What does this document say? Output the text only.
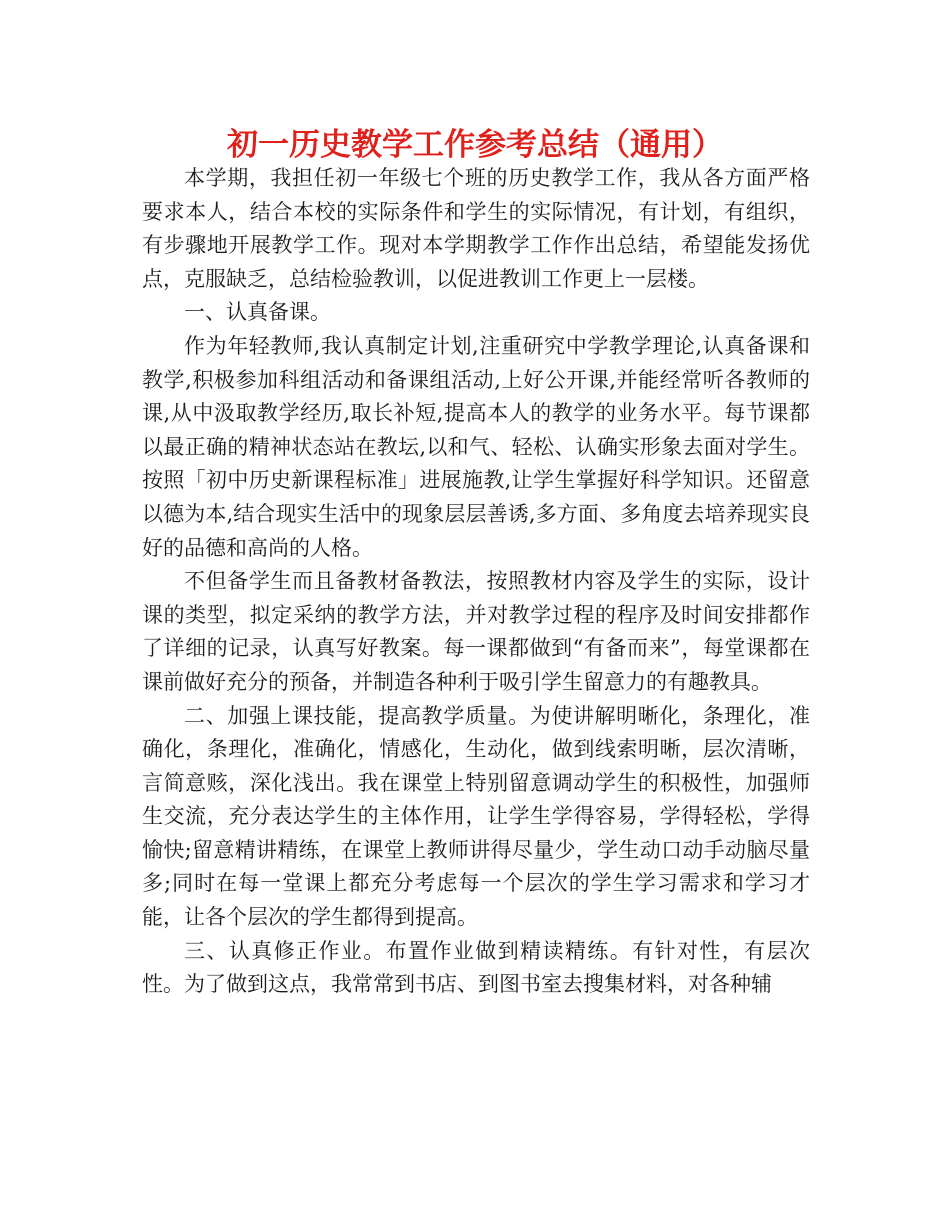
初一历史教学工作参考总结（通用）

本学期，我担任初一年级七个班的历史教学工作，我从各方面严格要求本人，结合本校的实际条件和学生的实际情况，有计划，有组织，有步骤地开展教学工作。现对本学期教学工作作出总结，希望能发扬优点，克服缺乏，总结检验教训，以促进教训工作更上一层楼。

一、认真备课。

作为年轻教师,我认真制定计划,注重研究中学教学理论,认真备课和教学,积极参加科组活动和备课组活动,上好公开课,并能经常听各教师的课,从中汲取教学经历,取长补短,提高本人的教学的业务水平。每节课都以最正确的精神状态站在教坛,以和气、轻松、认确实形象去面对学生。按照「初中历史新课程标准」进展施教,让学生掌握好科学知识。还留意以德为本,结合现实生活中的现象层层善诱,多方面、多角度去培养现实良好的品德和高尚的人格。

不但备学生而且备教材备教法，按照教材内容及学生的实际，设计课的类型，拟定采纳的教学方法，并对教学过程的程序及时间安排都作了详细的记录，认真写好教案。每一课都做到“有备而来”，每堂课都在课前做好充分的预备，并制造各种利于吸引学生留意力的有趣教具。

二、加强上课技能，提高教学质量。为使讲解明晰化，条理化，准确化，条理化，准确化，情感化，生动化，做到线索明晰，层次清晰，言简意赅，深化浅出。我在课堂上特别留意调动学生的积极性，加强师生交流，充分表达学生的主体作用，让学生学得容易，学得轻松，学得愉快;留意精讲精练，在课堂上教师讲得尽量少，学生动口动手动脑尽量多;同时在每一堂课上都充分考虑每一个层次的学生学习需求和学习才能，让各个层次的学生都得到提高。

三、认真修正作业。布置作业做到精读精练。有针对性，有层次性。为了做到这点，我常常到书店、到图书室去搜集材料，对各种辅
